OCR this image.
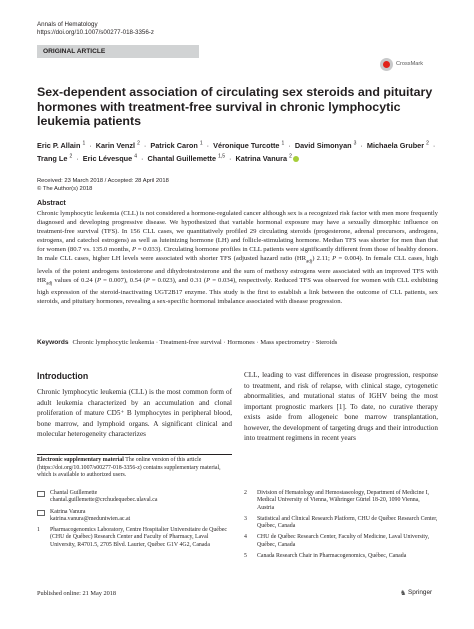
Annals of Hematology
https://doi.org/10.1007/s00277-018-3356-z
ORIGINAL ARTICLE
CrossMark
Sex-dependent association of circulating sex steroids and pituitary hormones with treatment-free survival in chronic lymphocytic leukemia patients
Eric P. Allain $^1$ · Karin Venzl $^2$ · Patrick Caron $^1$ · Véronique Turcotte $^1$ · David Simonyan $^3$ · Michaela Gruber $^2$ · Trang Le $^2$ · Eric Lévesque $^4$ · Chantal Guillemette $^{1,5}$ · Katrina Vanura $^2$
Received: 23 March 2018 / Accepted: 28 April 2018
© The Author(s) 2018
Abstract

Chronic lymphocytic leukemia (CLL) is not considered a hormone-regulated cancer although sex is a recognized risk factor with men more frequently diagnosed and developing progressive disease. We hypothesized that variable hormonal exposure may have a sexually dimorphic influence on treatment-free survival (TFS). In 156 CLL cases, we quantitatively profiled 29 circulating steroids (progesterone, adrenal precursors, androgens, estrogens, and catechol estrogens) as well as luteinizing hormone (LH) and follicle-stimulating hormone. Median TFS was shorter for men than that for women (80.7 vs. 135.0 months, P = 0.033). Circulating hormone profiles in CLL patients were significantly different from those of healthy donors. In male CLL cases, higher LH levels were associated with shorter TFS (adjusted hazard ratio $(HR_{adj})$ 2.11; P = 0.004). In female CLL cases, high levels of the potent androgens testosterone and dihydrotestosterone and the sum of methoxy estrogens were associated with an improved TFS with $HR_{adj}$ values of 0.24 (P = 0.007), 0.54 (P = 0.023), and 0.31 (P = 0.034), respectively. Reduced TFS was observed for women with CLL exhibiting high expression of the steroid-inactivating UGT2B17 enzyme. This study is the first to establish a link between the outcome of CLL patients, sex steroids, and pituitary hormones, revealing a sex-specific hormonal imbalance associated with disease progression.

Keywords Chronic lymphocytic leukemia · Treatment-free survival · Hormones · Mass spectrometry · Steroids
Introduction

Chronic lymphocytic leukemia (CLL) is the most common form of adult leukemia characterized by an accumulation and clonal proliferation of mature CD5⁺ B lymphocytes in peripheral blood, bone marrow, and lymphoid organs. A significant clinical and molecular heterogeneity characterizes

CLL, leading to vast differences in disease progression, response to treatment, and risk of relapse, with clinical stage, cytogenetic abnormalities, and mutational status of IGHV being the most important prognostic markers [1]. To date, no curative therapy exists aside from allogeneic bone marrow transplantation, however, the development of targeting drugs and their introduction into treatment regimens in recent years

Electronic supplementary material The online version of this article (https://doi.org/10.1007/s00277-018-3356-z) contains supplementary material, which is available to authorized users.
Chantal Guillemette
chantal.guillemette@crchudequebec.ulaval.ca
Katrina Vanura
katrina.vanura@meduniwien.ac.at
1	Pharmacogenomics Laboratory, Centre Hospitalier Universitaire de Québec (CHU de Québec) Research Center and Faculty of Pharmacy, Laval University, R4701.5, 2705 Blvd. Laurier, Québec G1V 4G2, Canada
2	Division of Hematology and Hemostaseology, Department of Medicine I, Medical University of Vienna, Währinger Gürtel 18-20, 1090 Vienna, Austria
3	Statistical and Clinical Research Platform, CHU de Québec Research Center, Québec, Canada
4	CHU de Québec Research Center, Faculty of Medicine, Laval University, Québec, Canada
5	Canada Research Chair in Pharmacogenomics, Québec, Canada
Published online: 21 May 2018	♞ Springer
